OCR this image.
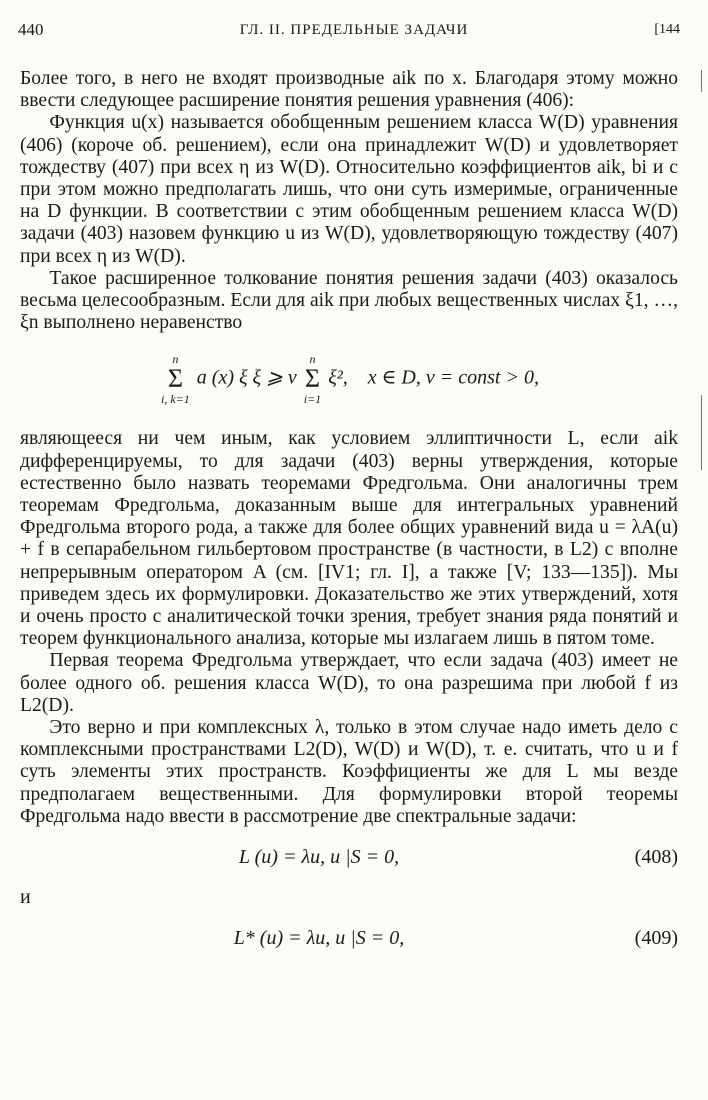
440	ГЛ. II. ПРЕДЕЛЬНЫЕ ЗАДАЧИ	[144

Более того, в него не входят производные aik по x. Благодаря этому можно ввести следующее расширение понятия решения уравнения (406):

Функция u(x) называется обобщенным решением класса W(D) уравнения (406) (короче об. решением), если она принадлежит W(D) и удовлетворяет тождеству (407) при всех η из W(D). Относительно коэффициентов aik, bi и c при этом можно предполагать лишь, что они суть измеримые, ограниченные на D функции. В соответствии с этим обобщенным решением класса W(D) задачи (403) назовем функцию u из W(D), удовлетворяющую тождеству (407) при всех η из W(D).

Такое расширенное толкование понятия решения задачи (403) оказалось весьма целесообразным. Если для aik при любых вещественных числах ξ1, …, ξn выполнено неравенство

n
Σ
i, k=1
a (x) ξ ξ ⩾ ν
n
Σ
i=1
ξ², x ∈ D, ν = const > 0,

являющееся ни чем иным, как условием эллиптичности L, если aik дифференцируемы, то для задачи (403) верны утверждения, которые естественно было назвать теоремами Фредгольма. Они аналогичны трем теоремам Фредгольма, доказанным выше для интегральных уравнений Фредгольма второго рода, а также для более общих уравнений вида u = λA(u) + f в сепарабельном гильбертовом пространстве (в частности, в L2) с вполне непрерывным оператором A (см. [IV1; гл. I], а также [V; 133—135]). Мы приведем здесь их формулировки. Доказательство же этих утверждений, хотя и очень просто с аналитической точки зрения, требует знания ряда понятий и теорем функционального анализа, которые мы излагаем лишь в пятом томе.

Первая теорема Фредгольма утверждает, что если задача (403) имеет не более одного об. решения класса W(D), то она разрешима при любой f из L2(D).

Это верно и при комплексных λ, только в этом случае надо иметь дело с комплексными пространствами L2(D), W(D) и W(D), т. е. считать, что u и f суть элементы этих пространств. Коэффициенты же для L мы везде предполагаем вещественными. Для формулировки второй теоремы Фредгольма надо ввести в рассмотрение две спектральные задачи:

L (u) = λu, u |S = 0,	(408)
и
L* (u) = λu, u |S = 0,	(409)
